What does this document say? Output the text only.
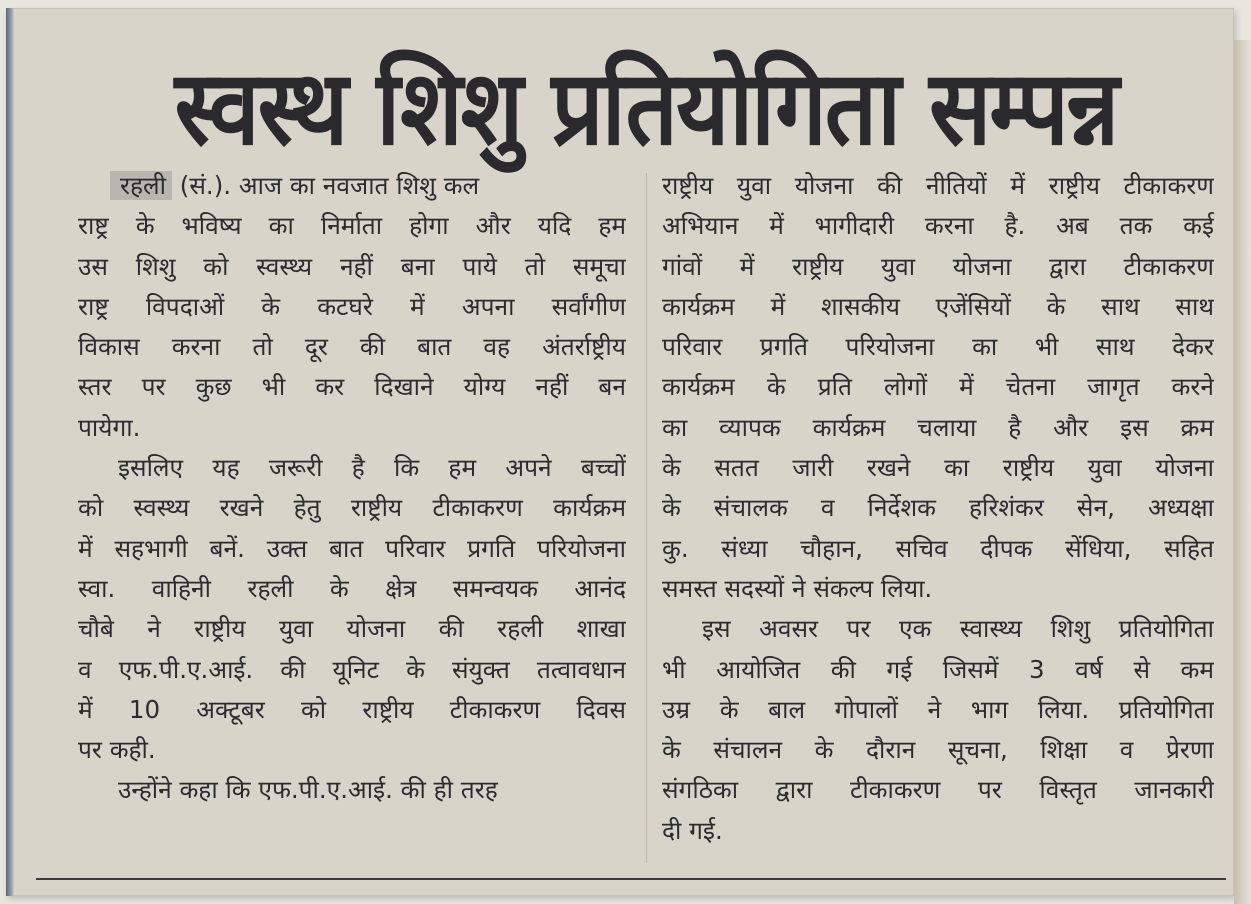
स्वस्थ शिशु प्रतियोगिता सम्पन्न
रहली (सं.). आज का नवजात शिशु कल
राष्ट्र के भविष्य का निर्माता होगा और यदि हम
उस शिशु को स्वस्थ्य नहीं बना पाये तो समूचा
राष्ट्र विपदाओं के कटघरे में अपना सर्वांगीण
विकास करना तो दूर की बात वह अंतर्राष्ट्रीय
स्तर पर कुछ भी कर दिखाने योग्य नहीं बन
पायेगा.
इसलिए यह जरूरी है कि हम अपने बच्चों
को स्वस्थ्य रखने हेतु राष्ट्रीय टीकाकरण कार्यक्रम
में सहभागी बनें. उक्त बात परिवार प्रगति परियोजना
स्वा. वाहिनी रहली के क्षेत्र समन्वयक आनंद
चौबे ने राष्ट्रीय युवा योजना की रहली शाखा
व एफ.पी.ए.आई. की यूनिट के संयुक्त तत्वावधान
में 10 अक्टूबर को राष्ट्रीय टीकाकरण दिवस
पर कही.
उन्होंने कहा कि एफ.पी.ए.आई. की ही तरह
राष्ट्रीय युवा योजना की नीतियों में राष्ट्रीय टीकाकरण
अभियान में भागीदारी करना है. अब तक कई
गांवों में राष्ट्रीय युवा योजना द्वारा टीकाकरण
कार्यक्रम में शासकीय एजेंसियों के साथ साथ
परिवार प्रगति परियोजना का भी साथ देकर
कार्यक्रम के प्रति लोगों में चेतना जागृत करने
का व्यापक कार्यक्रम चलाया है और इस क्रम
के सतत जारी रखने का राष्ट्रीय युवा योजना
के संचालक व निर्देशक हरिशंकर सेन, अध्यक्षा
कु. संध्या चौहान, सचिव दीपक सेंधिया, सहित
समस्त सदस्यों ने संकल्प लिया.
इस अवसर पर एक स्वास्थ्य शिशु प्रतियोगिता
भी आयोजित की गई जिसमें 3 वर्ष से कम
उम्र के बाल गोपालों ने भाग लिया. प्रतियोगिता
के संचालन के दौरान सूचना, शिक्षा व प्रेरणा
संगठिका द्वारा टीकाकरण पर विस्तृत जानकारी
दी गई.
